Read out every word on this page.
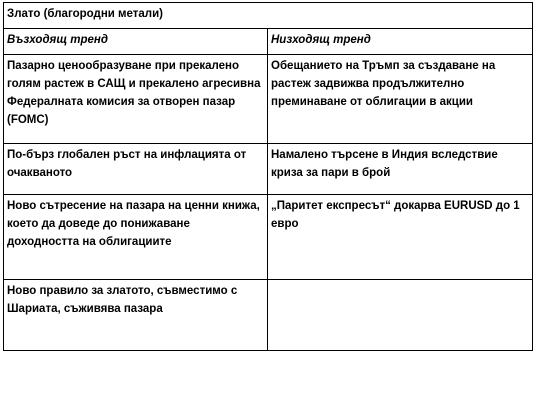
Злато (благородни метали)	
Възходящ тренд	Низходящ тренд
Пазарно ценообразуване при прекалено голям растеж в САЩ и прекалено агресивна Федералната комисия за отворен пазар (FOMC)	Обещанието на Тръмп за създаване на растеж задвижва продължително преминаване от облигации в акции
По-бърз глобален ръст на инфлацията от очакваното	Намалено търсене в Индия вследствие криза за пари в брой
Ново сътресение на пазара на ценни книжа, което да доведе до понижаване доходността на облигациите	„Паритет експресът“ докарва EURUSD до 1 евро
Ново правило за златото, съвместимо с Шариата, съживява пазара	
